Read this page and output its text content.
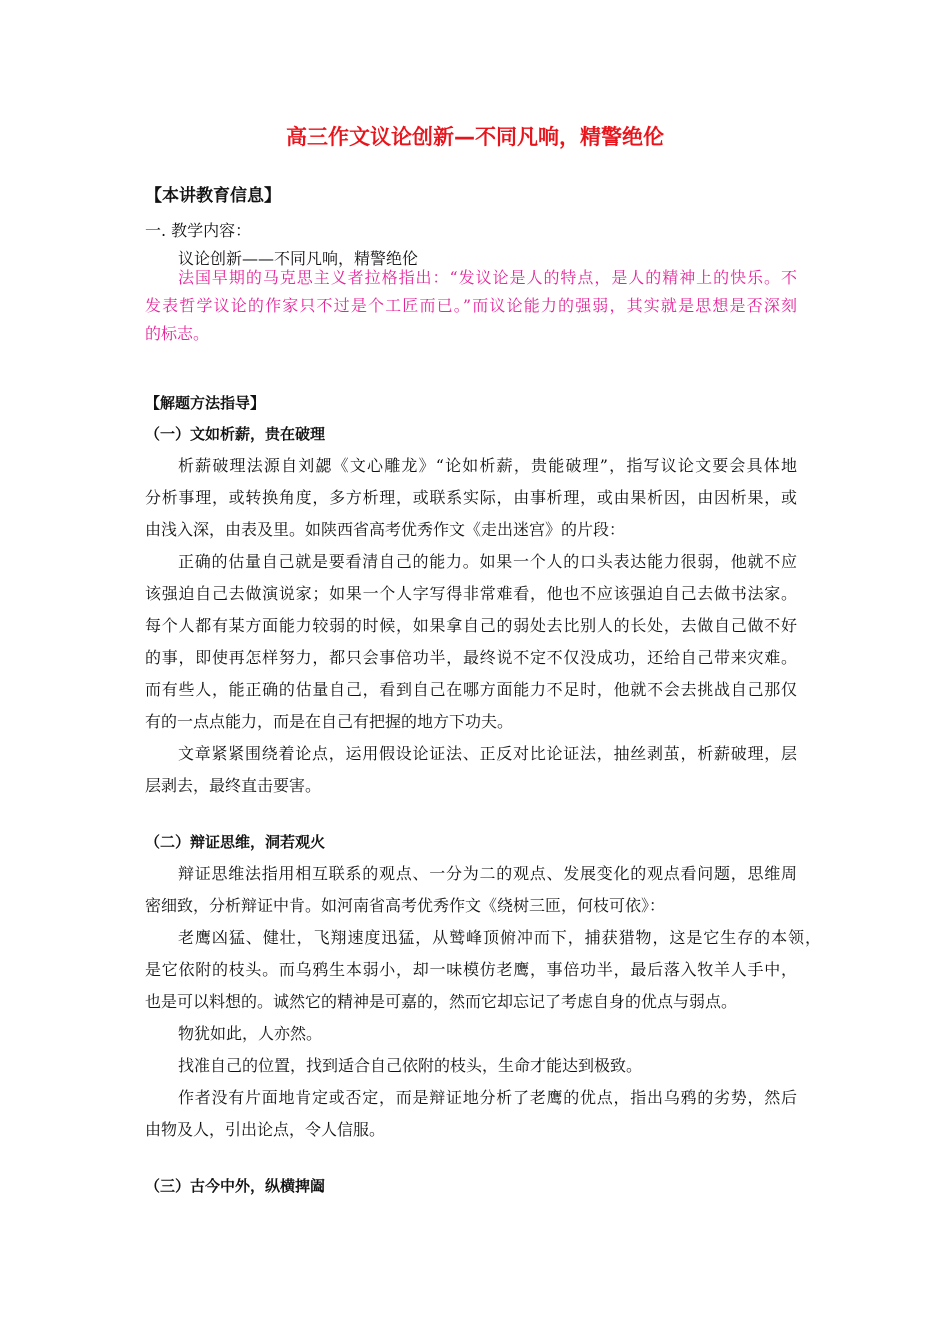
高三作文议论创新—不同凡响，精警绝伦
【本讲教育信息】
一. 教学内容：
议论创新——不同凡响，精警绝伦
法国早期的马克思主义者拉格指出：“发议论是人的特点，是人的精神上的快乐。不
发表哲学议论的作家只不过是个工匠而已。”而议论能力的强弱，其实就是思想是否深刻
的标志。
【解题方法指导】
（一）文如析薪，贵在破理
析薪破理法源自刘勰《文心雕龙》“论如析薪，贵能破理”，指写议论文要会具体地
分析事理，或转换角度，多方析理，或联系实际，由事析理，或由果析因，由因析果，或
由浅入深，由表及里。如陕西省高考优秀作文《走出迷宫》的片段：
正确的估量自己就是要看清自己的能力。如果一个人的口头表达能力很弱，他就不应
该强迫自己去做演说家；如果一个人字写得非常难看，他也不应该强迫自己去做书法家。
每个人都有某方面能力较弱的时候，如果拿自己的弱处去比别人的长处，去做自己做不好
的事，即使再怎样努力，都只会事倍功半，最终说不定不仅没成功，还给自己带来灾难。
而有些人，能正确的估量自己，看到自己在哪方面能力不足时，他就不会去挑战自己那仅
有的一点点能力，而是在自己有把握的地方下功夫。
文章紧紧围绕着论点，运用假设论证法、正反对比论证法，抽丝剥茧，析薪破理，层
层剥去，最终直击要害。
（二）辩证思维，洞若观火
辩证思维法指用相互联系的观点、一分为二的观点、发展变化的观点看问题，思维周
密细致，分析辩证中肯。如河南省高考优秀作文《绕树三匝，何枝可依》：
老鹰凶猛、健壮，飞翔速度迅猛，从鹫峰顶俯冲而下，捕获猎物，这是它生存的本领，
是它依附的枝头。而乌鸦生本弱小，却一味模仿老鹰，事倍功半，最后落入牧羊人手中，
也是可以料想的。诚然它的精神是可嘉的，然而它却忘记了考虑自身的优点与弱点。
物犹如此，人亦然。
找准自己的位置，找到适合自己依附的枝头，生命才能达到极致。
作者没有片面地肯定或否定，而是辩证地分析了老鹰的优点，指出乌鸦的劣势，然后
由物及人，引出论点，令人信服。
（三）古今中外，纵横捭阖
